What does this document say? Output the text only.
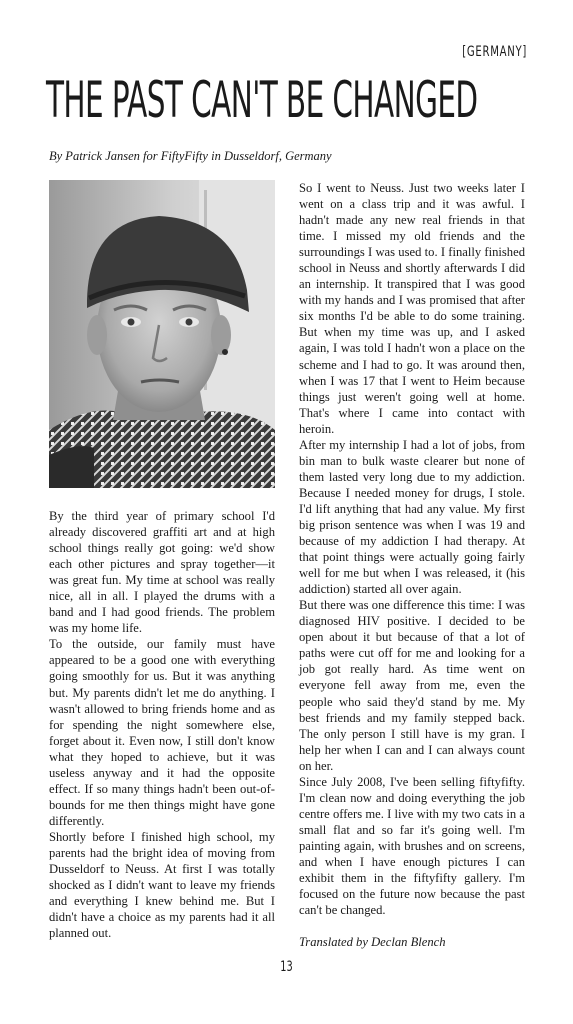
[GERMANY]
THE PAST CAN'T BE CHANGED
By Patrick Jansen for FiftyFifty in Dusseldorf, Germany

By the third year of primary school I'd already discovered graffiti art and at high school things really got going: we'd show each other pictures and spray together—it was great fun. My time at school was really nice, all in all. I played the drums with a band and I had good friends. The problem was my home life.

To the outside, our family must have appeared to be a good one with everything going smoothly for us. But it was anything but. My parents didn't let me do anything. I wasn't allowed to bring friends home and as for spending the night somewhere else, forget about it. Even now, I still don't know what they hoped to achieve, but it was useless anyway and it had the opposite effect. If so many things hadn't been out-of-bounds for me then things might have gone differently.

Shortly before I finished high school, my parents had the bright idea of moving from Dusseldorf to Neuss. At first I was totally shocked as I didn't want to leave my friends and everything I knew behind me. But I didn't have a choice as my parents had it all planned out.

So I went to Neuss. Just two weeks later I went on a class trip and it was awful. I hadn't made any new real friends in that time. I missed my old friends and the surroundings I was used to. I finally finished school in Neuss and shortly afterwards I did an internship. It transpired that I was good with my hands and I was promised that after six months I'd be able to do some training. But when my time was up, and I asked again, I was told I hadn't won a place on the scheme and I had to go. It was around then, when I was 17 that I went to Heim because things just weren't going well at home. That's where I came into contact with heroin.

After my internship I had a lot of jobs, from bin man to bulk waste clearer but none of them lasted very long due to my addiction. Because I needed money for drugs, I stole. I'd lift anything that had any value. My first big prison sentence was when I was 19 and because of my addiction I had therapy. At that point things were actually going fairly well for me but when I was released, it (his addiction) started all over again.

But there was one difference this time: I was diagnosed HIV positive. I decided to be open about it but because of that a lot of paths were cut off for me and looking for a job got really hard. As time went on everyone fell away from me, even the people who said they'd stand by me. My best friends and my family stepped back. The only person I still have is my gran. I help her when I can and I can always count on her.

Since July 2008, I've been selling fiftyfifty. I'm clean now and doing everything the job centre offers me. I live with my two cats in a small flat and so far it's going well. I'm painting again, with brushes and on screens, and when I have enough pictures I can exhibit them in the fiftyfifty gallery. I'm focused on the future now because the past can't be changed.

Translated by Declan Blench

13
